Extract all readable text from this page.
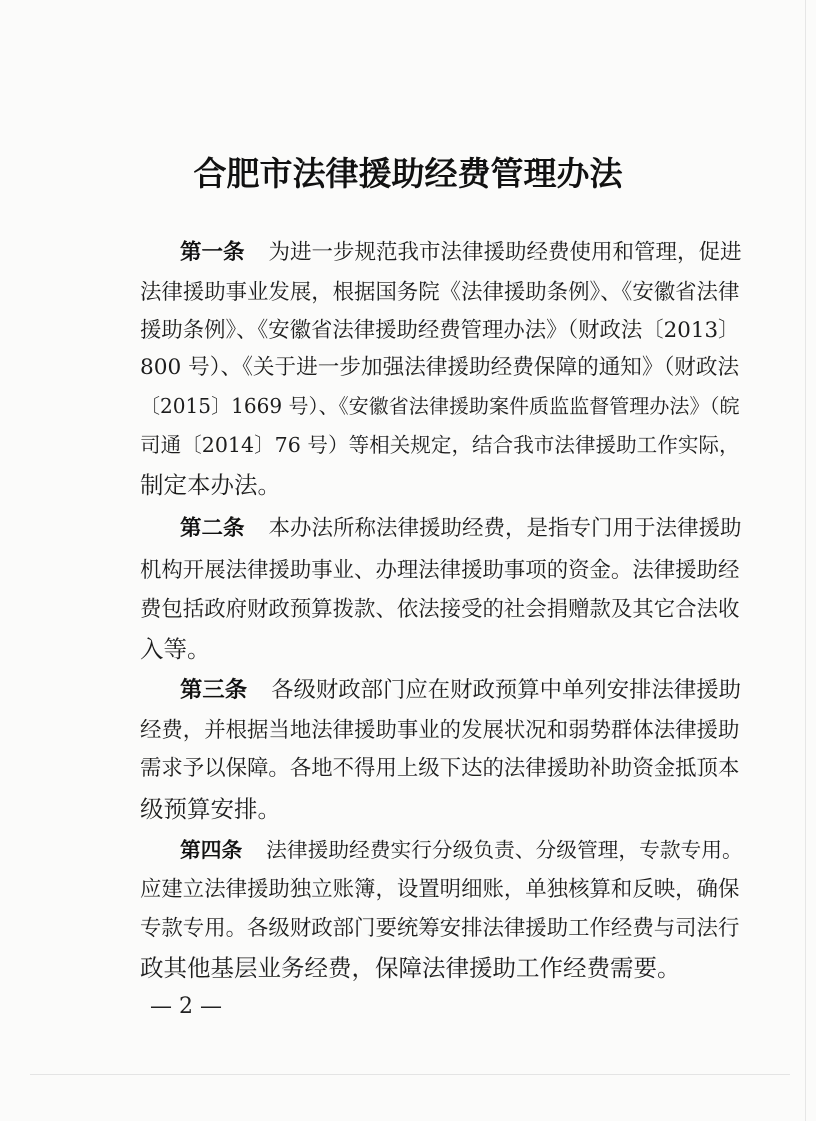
合肥市法律援助经费管理办法
第一条 为进一步规范我市法律援助经费使用和管理，促进
法律援助事业发展，根据国务院《法律援助条例》、《安徽省法律
援助条例》、《安徽省法律援助经费管理办法》（财政法〔2013〕
800 号）、《关于进一步加强法律援助经费保障的通知》（财政法
〔2015〕1669 号）、《安徽省法律援助案件质监监督管理办法》（皖
司通〔2014〕76 号）等相关规定，结合我市法律援助工作实际，
制定本办法。
第二条 本办法所称法律援助经费，是指专门用于法律援助
机构开展法律援助事业、办理法律援助事项的资金。法律援助经
费包括政府财政预算拨款、依法接受的社会捐赠款及其它合法收
入等。
第三条 各级财政部门应在财政预算中单列安排法律援助
经费，并根据当地法律援助事业的发展状况和弱势群体法律援助
需求予以保障。各地不得用上级下达的法律援助补助资金抵顶本
级预算安排。
第四条 法律援助经费实行分级负责、分级管理，专款专用。
应建立法律援助独立账簿，设置明细账，单独核算和反映，确保
专款专用。各级财政部门要统筹安排法律援助工作经费与司法行
政其他基层业务经费，保障法律援助工作经费需要。
— 2 —
